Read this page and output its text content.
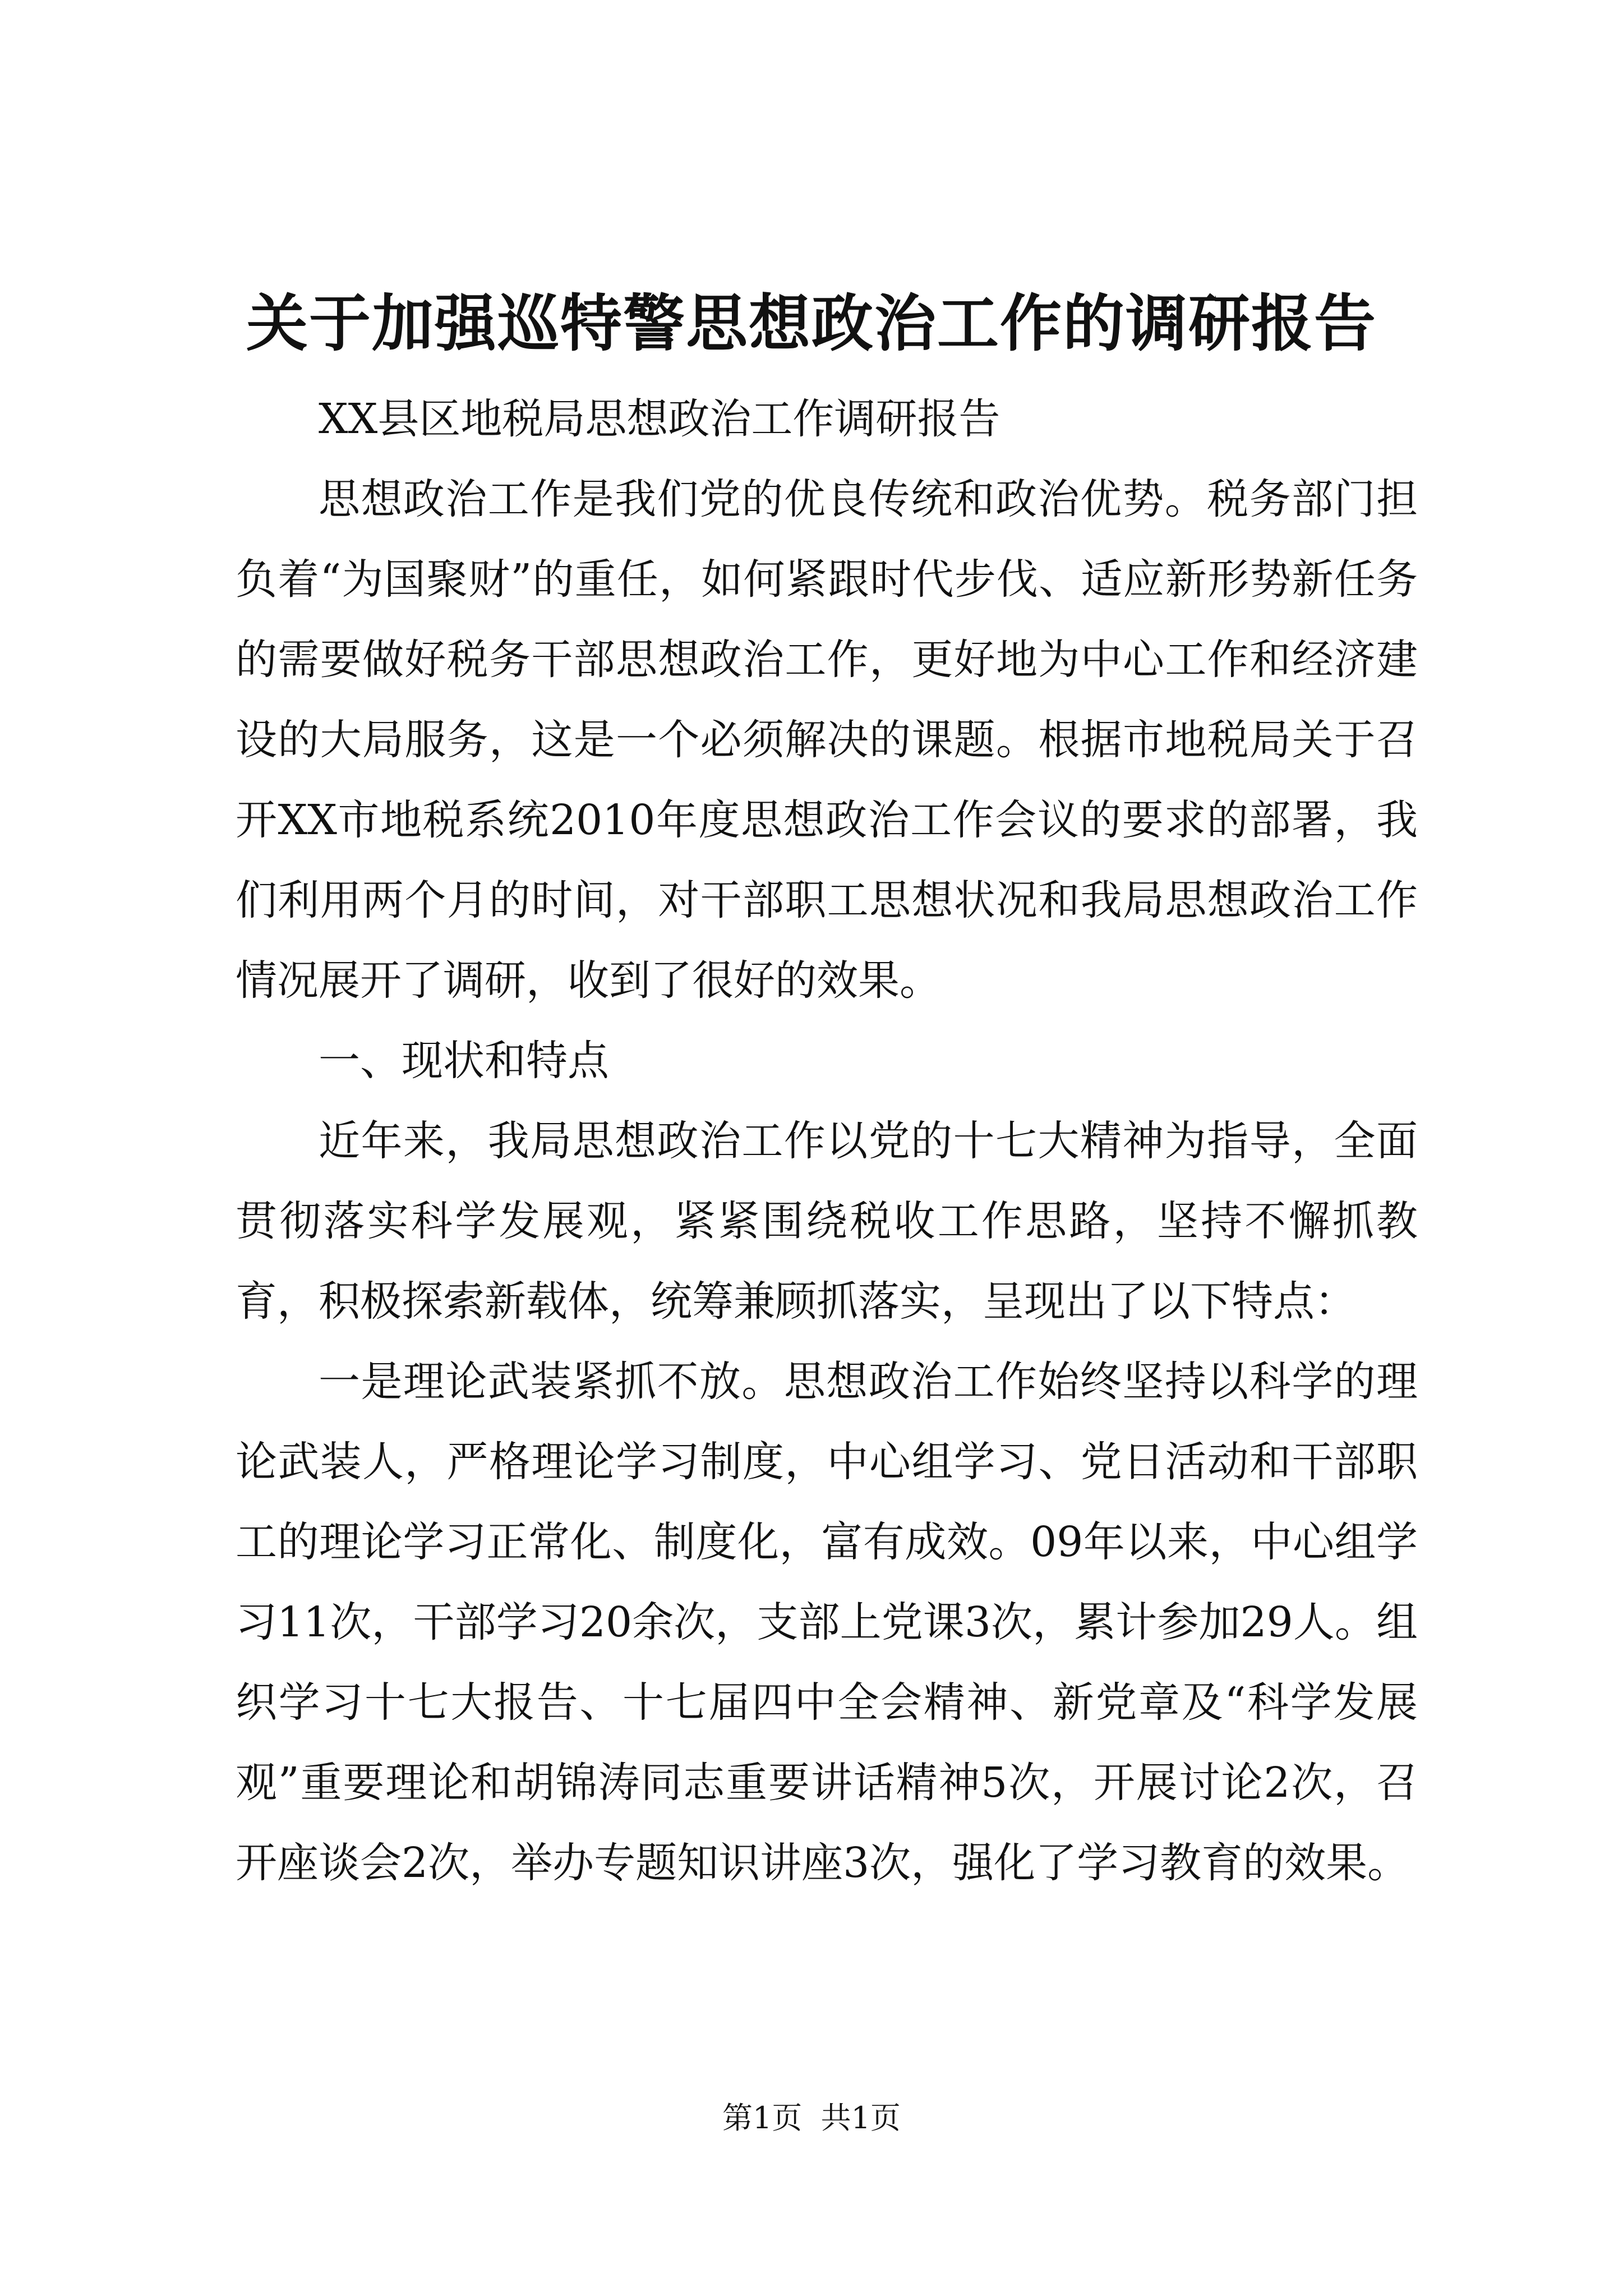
关于加强巡特警思想政治工作的调研报告

XX县区地税局思想政治工作调研报告

思想政治工作是我们党的优良传统和政治优势。税务部门担负着“为国聚财”的重任，如何紧跟时代步伐、适应新形势新任务的需要做好税务干部思想政治工作，更好地为中心工作和经济建设的大局服务，这是一个必须解决的课题。根据市地税局关于召开XX市地税系统2010年度思想政治工作会议的要求的部署，我们利用两个月的时间，对干部职工思想状况和我局思想政治工作情况展开了调研，收到了很好的效果。

一、现状和特点

近年来，我局思想政治工作以党的十七大精神为指导，全面贯彻落实科学发展观，紧紧围绕税收工作思路，坚持不懈抓教育，积极探索新载体，统筹兼顾抓落实，呈现出了以下特点：

一是理论武装紧抓不放。思想政治工作始终坚持以科学的理论武装人，严格理论学习制度，中心组学习、党日活动和干部职工的理论学习正常化、制度化，富有成效。09年以来，中心组学习11次，干部学习20余次，支部上党课3次，累计参加29人。组织学习十七大报告、十七届四中全会精神、新党章及“科学发展观”重要理论和胡锦涛同志重要讲话精神5次，开展讨论2次，召开座谈会2次，举办专题知识讲座3次，强化了学习教育的效果。

第1页 共1页
